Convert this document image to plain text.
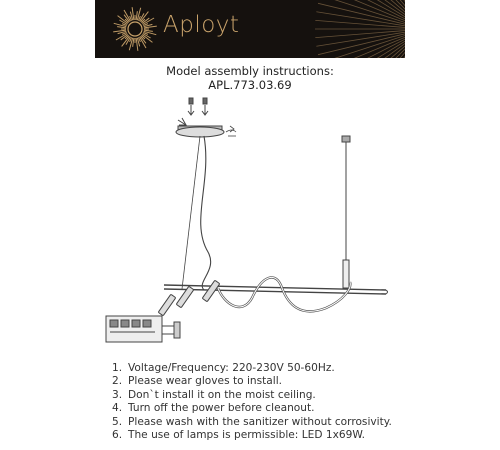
Aployt
Model assembly instructions:
APL.773.03.69
1. Voltage/Frequency: 220-230V 50-60Hz.
2. Please wear gloves to install.
3. Don`t install it on the moist ceiling.
4. Turn off the power before cleanout.
5. Please wash with the sanitizer without corrosivity.
6. The use of lamps is permissible: LED 1x69W.
